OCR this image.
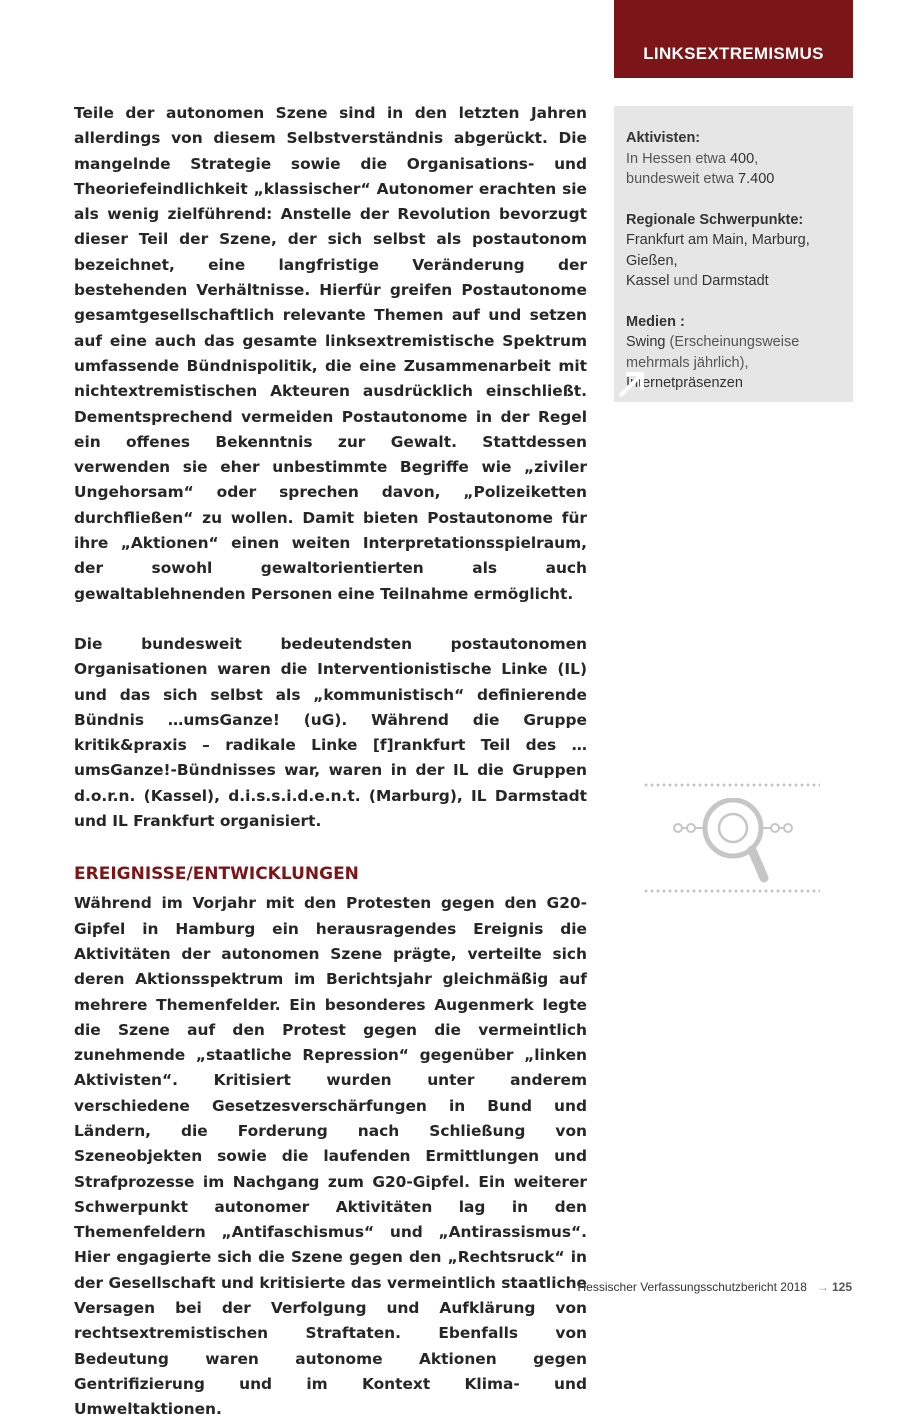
LINKSEXTREMISMUS

Teile der autonomen Szene sind in den letzten Jahren allerdings von diesem Selbstverständnis abgerückt. Die mangelnde Strategie sowie die Organisations- und Theoriefeindlichkeit „klassischer“ Autonomer erachten sie als wenig zielführend: Anstelle der Revolution bevorzugt dieser Teil der Szene, der sich selbst als postautonom bezeichnet, eine langfristige Veränderung der bestehenden Verhältnisse. Hierfür greifen Postautonome gesamtgesellschaftlich relevante Themen auf und setzen auf eine auch das gesamte linksextremistische Spektrum umfassende Bündnispolitik, die eine Zusammenarbeit mit nichtextremistischen Akteuren ausdrücklich einschließt. Dementsprechend vermeiden Postautonome in der Regel ein offenes Bekenntnis zur Gewalt. Stattdessen verwenden sie eher unbestimmte Begriffe wie „ziviler Ungehorsam“ oder sprechen davon, „Polizeiketten durchfließen“ zu wollen. Damit bieten Postautonome für ihre „Aktionen“ einen weiten Interpretationsspielraum, der sowohl gewaltorientierten als auch gewaltablehnenden Personen eine Teilnahme ermöglicht.

Die bundesweit bedeutendsten postautonomen Organisationen waren die Interventionistische Linke (IL) und das sich selbst als „kommunistisch“ definierende Bündnis …umsGanze! (uG). Während die Gruppe kritik&praxis – radikale Linke [f]rankfurt Teil des …umsGanze!-Bündnisses war, waren in der IL die Gruppen d.o.r.n. (Kassel), d.i.s.s.i.d.e.n.t. (Marburg), IL Darmstadt und IL Frankfurt organisiert.

EREIGNISSE/ENTWICKLUNGEN

Während im Vorjahr mit den Protesten gegen den G20-Gipfel in Hamburg ein herausragendes Ereignis die Aktivitäten der autonomen Szene prägte, verteilte sich deren Aktionsspektrum im Berichtsjahr gleichmäßig auf mehrere Themenfelder. Ein besonderes Augenmerk legte die Szene auf den Protest gegen die vermeintlich zunehmende „staatliche Repression“ gegenüber „linken Aktivisten“. Kritisiert wurden unter anderem verschiedene Gesetzesverschärfungen in Bund und Ländern, die Forderung nach Schließung von Szeneobjekten sowie die laufenden Ermittlungen und Strafprozesse im Nachgang zum G20-Gipfel. Ein weiterer Schwerpunkt autonomer Aktivitäten lag in den Themenfeldern „Antifaschismus“ und „Antirassismus“. Hier engagierte sich die Szene gegen den „Rechtsruck“ in der Gesellschaft und kritisierte das vermeintlich staatliche Versagen bei der Verfolgung und Aufklärung von rechtsextremistischen Straftaten. Ebenfalls von Bedeutung waren autonome Aktionen gegen Gentrifizierung und im Kontext Klima- und Umweltaktionen.

Aktivisten:
In Hessen etwa 400,
bundesweit etwa 7.400
Regionale Schwerpunkte:
Frankfurt am Main, Marburg, Gießen,
Kassel und Darmstadt
Medien :
Swing (Erscheinungsweise mehrmals jährlich), Internetpräsenzen
Hessischer Verfassungsschutzbericht 2018 → 125
